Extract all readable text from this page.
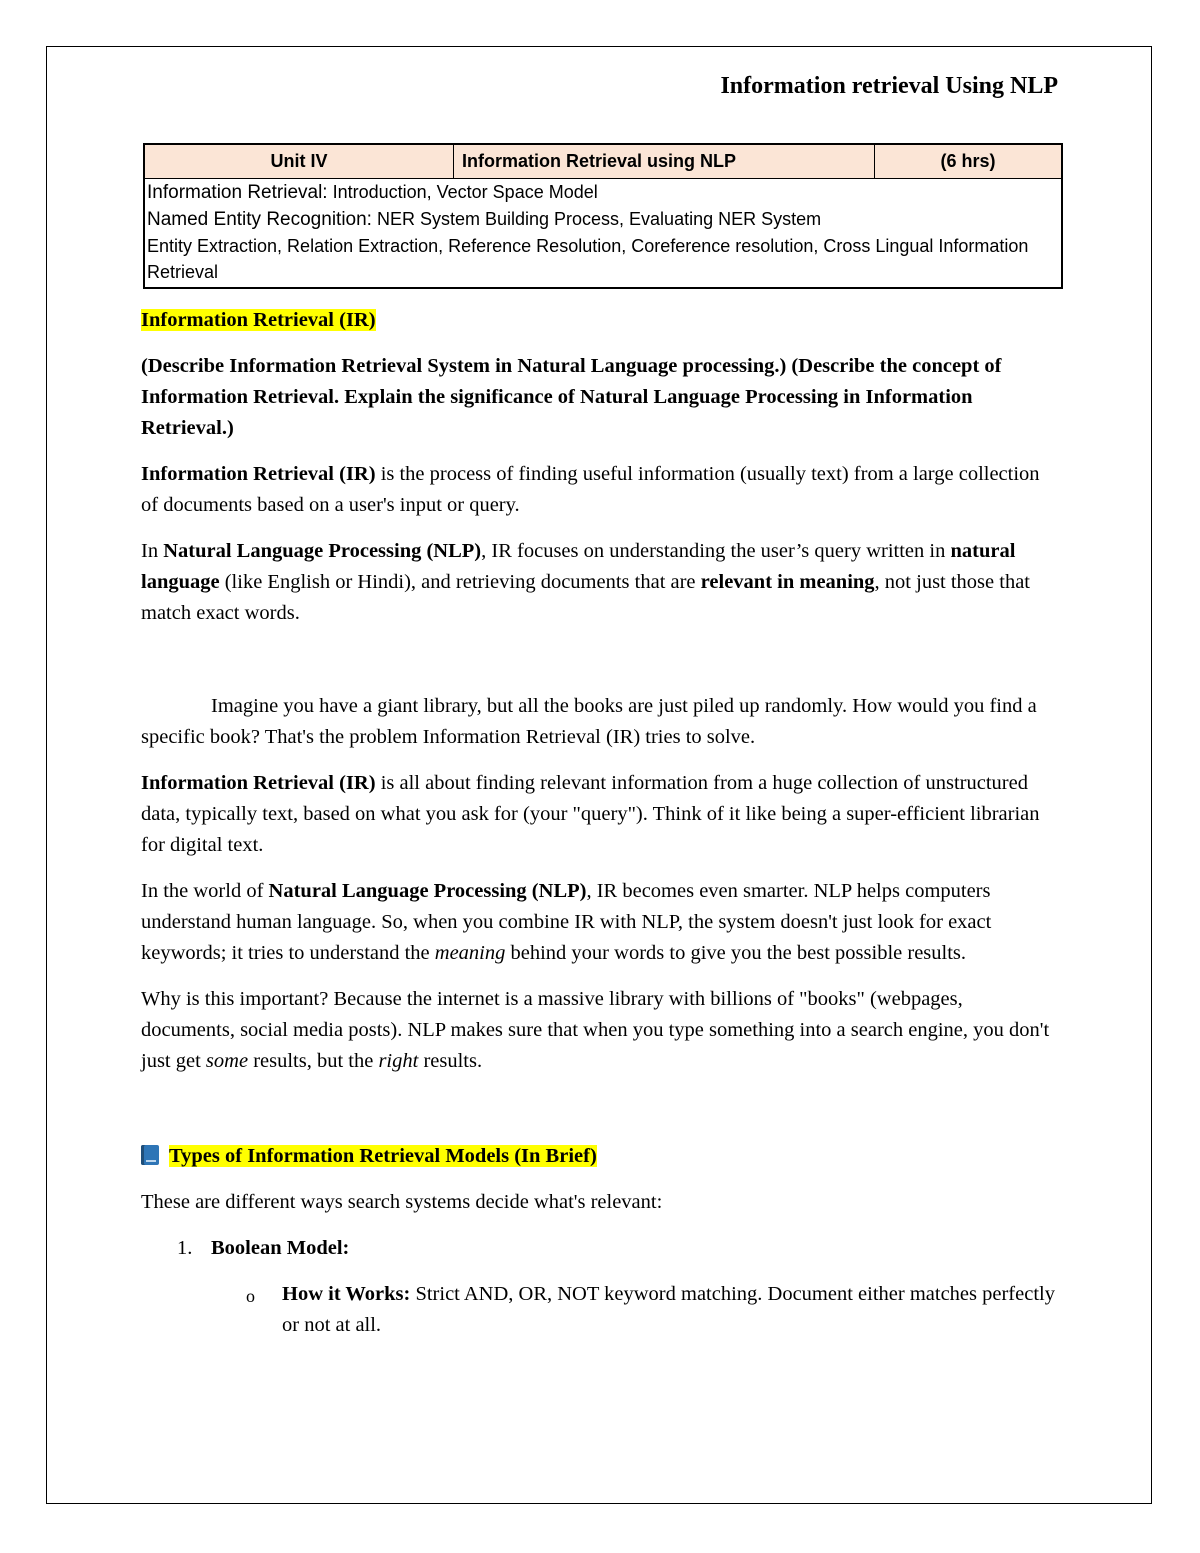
Information retrieval Using NLP
Unit IV	Information Retrieval using NLP	(6 hrs)

Information Retrieval: Introduction, Vector Space Model
Named Entity Recognition: NER System Building Process, Evaluating NER System
Entity Extraction, Relation Extraction, Reference Resolution, Coreference resolution, Cross Lingual Information Retrieval

Information Retrieval (IR)

(Describe Information Retrieval System in Natural Language processing.) (Describe the concept of Information Retrieval. Explain the significance of Natural Language Processing in Information Retrieval.)

Information Retrieval (IR) is the process of finding useful information (usually text) from a large collection of documents based on a user's input or query.

In Natural Language Processing (NLP), IR focuses on understanding the user’s query written in natural language (like English or Hindi), and retrieving documents that are relevant in meaning, not just those that match exact words.

Imagine you have a giant library, but all the books are just piled up randomly. How would you find a specific book? That's the problem Information Retrieval (IR) tries to solve.

Information Retrieval (IR) is all about finding relevant information from a huge collection of unstructured data, typically text, based on what you ask for (your "query"). Think of it like being a super-efficient librarian for digital text.

In the world of Natural Language Processing (NLP), IR becomes even smarter. NLP helps computers understand human language. So, when you combine IR with NLP, the system doesn't just look for exact keywords; it tries to understand the meaning behind your words to give you the best possible results.

Why is this important? Because the internet is a massive library with billions of "books" (webpages, documents, social media posts). NLP makes sure that when you type something into a search engine, you don't just get some results, but the right results.

Types of Information Retrieval Models (In Brief)

These are different ways search systems decide what's relevant:

1. Boolean Model:

o How it Works: Strict AND, OR, NOT keyword matching. Document either matches perfectly or not at all.
